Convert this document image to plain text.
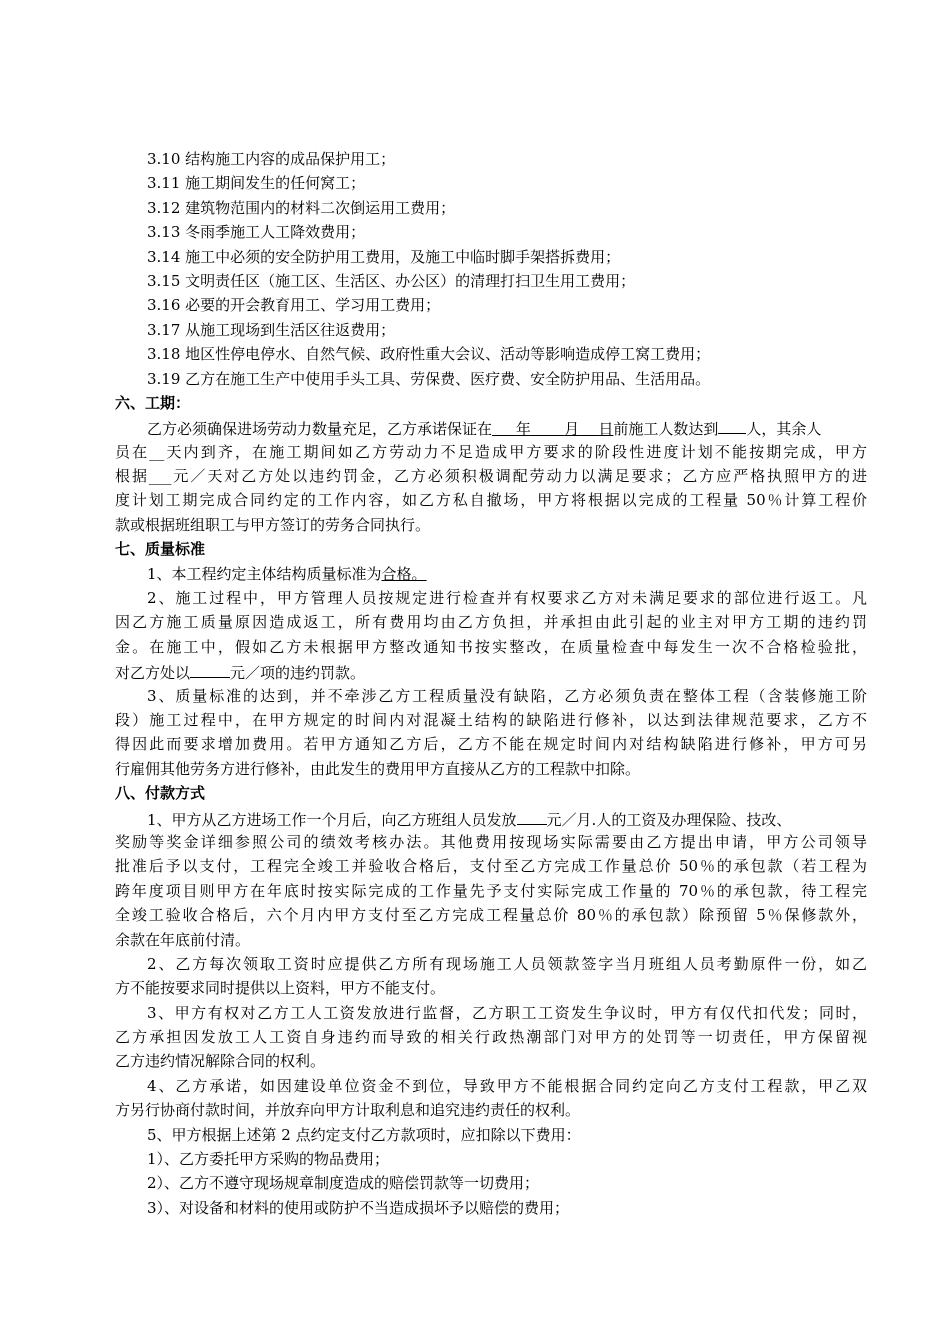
3.10 结构施工内容的成品保护用工；
3.11 施工期间发生的任何窝工；
3.12 建筑物范围内的材料二次倒运用工费用；
3.13 冬雨季施工人工降效费用；
3.14 施工中必须的安全防护用工费用，及施工中临时脚手架搭拆费用；
3.15 文明责任区（施工区、生活区、办公区）的清理打扫卫生用工费用；
3.16 必要的开会教育用工、学习用工费用；
3.17 从施工现场到生活区往返费用；
3.18 地区性停电停水、自然气候、政府性重大会议、活动等影响造成停工窝工费用；
3.19 乙方在施工生产中使用手头工具、劳保费、医疗费、安全防护用品、生活用品。
六、工期：
乙方必须确保进场劳动力数量充足，乙方承诺保证在 年 月 日前施工人数达到 人，其余人
员在__天内到齐，在施工期间如乙方劳动力不足造成甲方要求的阶段性进度计划不能按期完成，甲方
根据___元／天对乙方处以违约罚金，乙方必须积极调配劳动力以满足要求；乙方应严格执照甲方的进
度计划工期完成合同约定的工作内容，如乙方私自撤场，甲方将根据以完成的工程量 50％计算工程价
款或根据班组职工与甲方签订的劳务合同执行。
七、质量标准
1、本工程约定主体结构质量标准为合格。
2、施工过程中，甲方管理人员按规定进行检查并有权要求乙方对未满足要求的部位进行返工。凡
因乙方施工质量原因造成返工，所有费用均由乙方负担，并承担由此引起的业主对甲方工期的违约罚
金。在施工中，假如乙方未根据甲方整改通知书按实整改，在质量检查中每发生一次不合格检验批，
对乙方处以	元／项的违约罚款。
3、质量标准的达到，并不牵涉乙方工程质量没有缺陷，乙方必须负责在整体工程（含装修施工阶
段）施工过程中，在甲方规定的时间内对混凝土结构的缺陷进行修补，以达到法律规范要求，乙方不
得因此而要求增加费用。若甲方通知乙方后，乙方不能在规定时间内对结构缺陷进行修补，甲方可另
行雇佣其他劳务方进行修补，由此发生的费用甲方直接从乙方的工程款中扣除。
八、付款方式
1、甲方从乙方进场工作一个月后，向乙方班组人员发放 元／月.人的工资及办理保险、技改、
奖励等奖金详细参照公司的绩效考核办法。其他费用按现场实际需要由乙方提出申请，甲方公司领导
批准后予以支付，工程完全竣工并验收合格后，支付至乙方完成工作量总价 50％的承包款（若工程为
跨年度项目则甲方在年底时按实际完成的工作量先予支付实际完成工作量的 70％的承包款，待工程完
全竣工验收合格后，六个月内甲方支付至乙方完成工程量总价 80％的承包款）除预留 5％保修款外，
余款在年底前付清。
2、乙方每次领取工资时应提供乙方所有现场施工人员领款签字当月班组人员考勤原件一份，如乙
方不能按要求同时提供以上资料，甲方不能支付。
3、甲方有权对乙方工人工资发放进行监督，乙方职工工资发生争议时，甲方有仅代扣代发；同时，
乙方承担因发放工人工资自身违约而导致的相关行政热潮部门对甲方的处罚等一切责任，甲方保留视
乙方违约情况解除合同的权利。
4、乙方承诺，如因建设单位资金不到位，导致甲方不能根据合同约定向乙方支付工程款，甲乙双
方另行协商付款时间，并放弃向甲方计取利息和追究违约责任的权利。
5、甲方根据上述第 2 点约定支付乙方款项时，应扣除以下费用：
1）、乙方委托甲方采购的物品费用；
2）、乙方不遵守现场规章制度造成的赔偿罚款等一切费用；
3）、对设备和材料的使用或防护不当造成损坏予以赔偿的费用；
